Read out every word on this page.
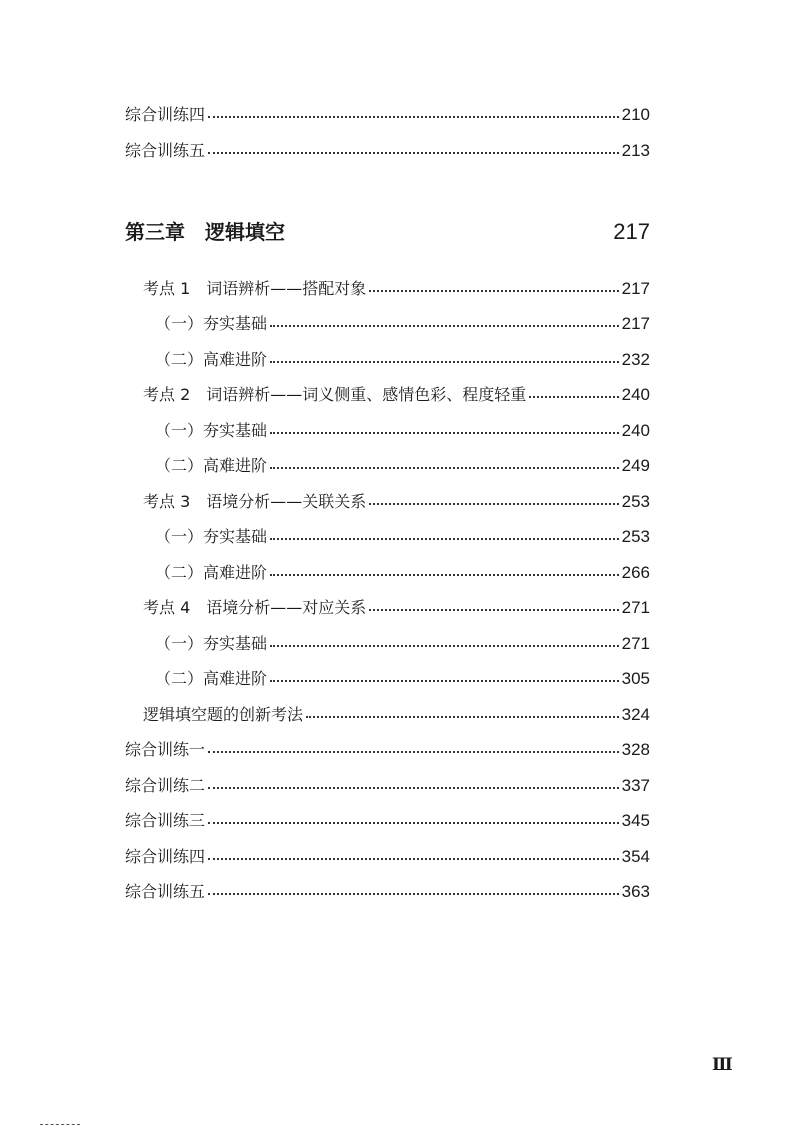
综合训练四	210
综合训练五	213
第三章 逻辑填空	217
考点 1　词语辨析——搭配对象	217
（一）夯实基础	217
（二）高难进阶	232
考点 2　词语辨析——词义侧重、感情色彩、程度轻重	240
（一）夯实基础	240
（二）高难进阶	249
考点 3　语境分析——关联关系	253
（一）夯实基础	253
（二）高难进阶	266
考点 4　语境分析——对应关系	271
（一）夯实基础	271
（二）高难进阶	305
逻辑填空题的创新考法	324
综合训练一	328
综合训练二	337
综合训练三	345
综合训练四	354
综合训练五	363
Ⅲ
